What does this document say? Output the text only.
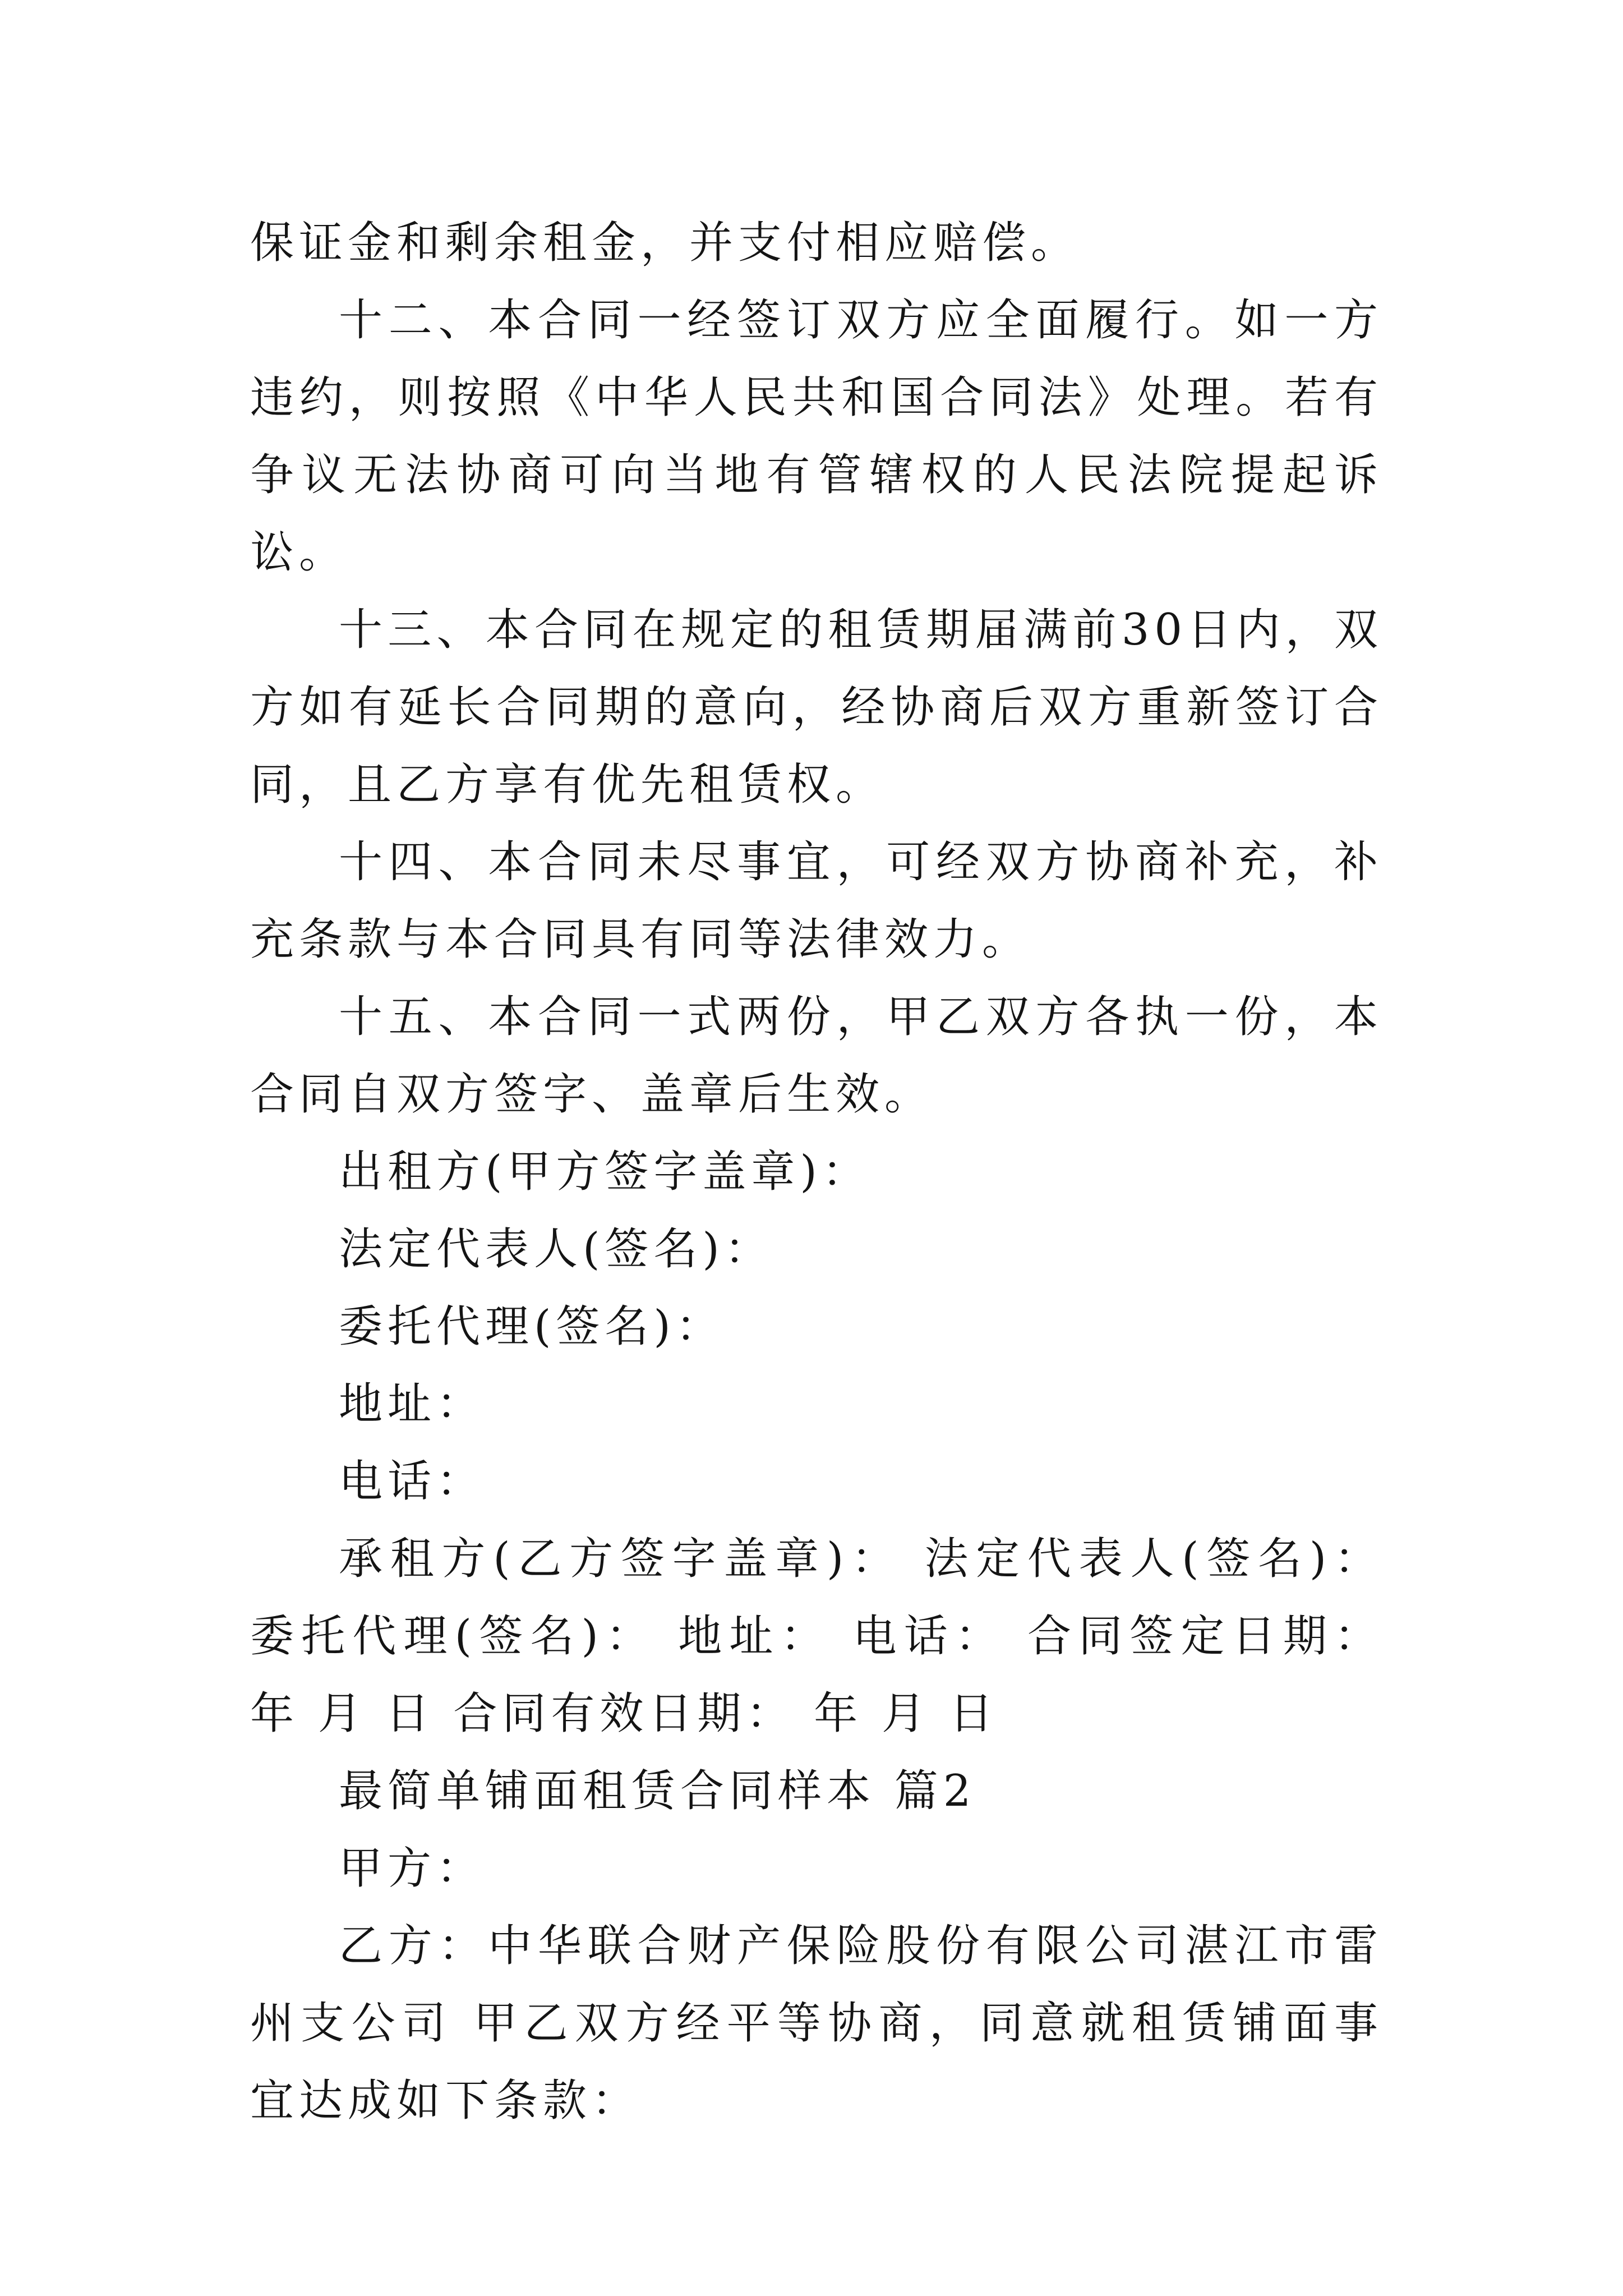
保证金和剩余租金，并支付相应赔偿。

十二、本合同一经签订双方应全面履行。如一方违约，则按照《中华人民共和国合同法》处理。若有争议无法协商可向当地有管辖权的人民法院提起诉讼。

十三、本合同在规定的租赁期届满前30日内，双方如有延长合同期的意向，经协商后双方重新签订合同，且乙方享有优先租赁权。

十四、本合同未尽事宜，可经双方协商补充，补充条款与本合同具有同等法律效力。

十五、本合同一式两份，甲乙双方各执一份，本合同自双方签字、盖章后生效。

出租方(甲方签字盖章)：

法定代表人(签名)：

委托代理(签名)：

地址：

电话：

承租方(乙方签字盖章)： 法定代表人(签名)： 委托代理(签名)： 地址： 电话： 合同签定日期： 年 月 日 合同有效日期： 年 月 日

最简单铺面租赁合同样本 篇2

甲方：

乙方：中华联合财产保险股份有限公司湛江市雷州支公司 甲乙双方经平等协商，同意就租赁铺面事宜达成如下条款：
